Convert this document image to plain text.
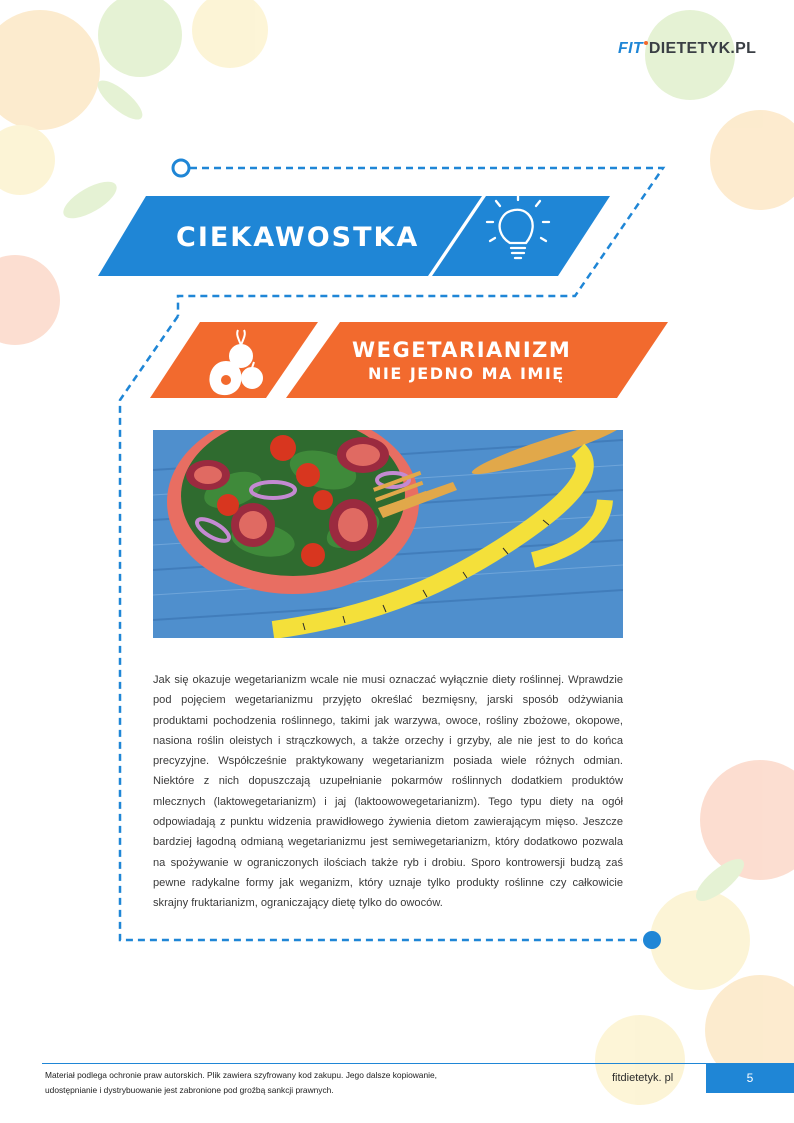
FIT DIETETYK.PL
CIEKAWOSTKA
WEGETARIANIZM
NIE JEDNO MA IMIĘ

Jak się okazuje wegetarianizm wcale nie musi oznaczać wyłącznie diety roślinnej. Wprawdzie pod pojęciem wegetarianizmu przyjęto określać bezmięsny, jarski sposób odżywiania produktami pochodzenia roślinnego, takimi jak warzywa, owoce, rośliny zbożowe, okopowe, nasiona roślin oleistych i strączkowych, a także orzechy i grzyby, ale nie jest to do końca precyzyjne. Współcześnie praktykowany wegetarianizm posiada wiele różnych odmian. Niektóre z nich dopuszczają uzupełnianie pokarmów roślinnych dodatkiem produktów mlecznych (laktowegetarianizm) i jaj (laktoowowegetarianizm). Tego typu diety na ogół odpowiadają z punktu widzenia prawidłowego żywienia dietom zawierającym mięso. Jeszcze bardziej łagodną odmianą wegetarianizmu jest semiwegetarianizm, który dodatkowo pozwala na spożywanie w ograniczonych ilościach także ryb i drobiu. Sporo kontrowersji budzą zaś pewne radykalne formy jak weganizm, który uznaje tylko produkty roślinne czy całkowicie skrajny fruktarianizm, ograniczający dietę tylko do owoców.

Materiał podlega ochronie praw autorskich. Plik zawiera szyfrowany kod zakupu. Jego dalsze kopiowanie, udostępnianie i dystrybuowanie jest zabronione pod groźbą sankcji prawnych.
fitdietetyk. pl	5
